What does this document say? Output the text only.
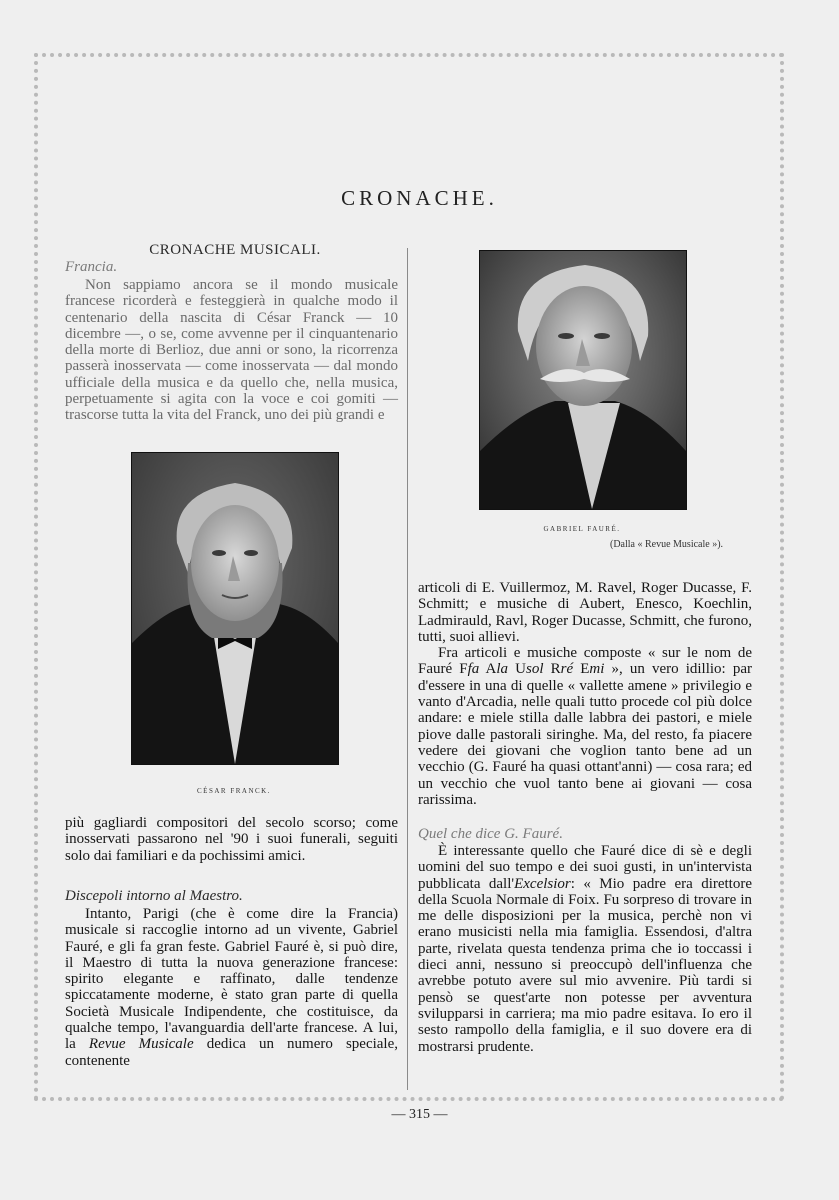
CRONACHE.
CRONACHE MUSICALI.
Francia.

Non sappiamo ancora se il mondo musicale francese ricorderà e festeggierà in qualche modo il centenario della nascita di César Franck — 10 dicembre —, o se, come avvenne per il cinquantenario della morte di Berlioz, due anni or sono, la ricorrenza passerà inosservata — come inosservata — dal mondo ufficiale della musica e da quello che, nella musica, perpetuamente si agita con la voce e coi gomiti — trascorse tutta la vita del Franck, uno dei più grandi e

CÉSAR FRANCK.

più gagliardi compositori del secolo scorso; come inosservati passarono nel '90 i suoi funerali, seguiti solo dai familiari e da pochissimi amici.

Discepoli intorno al Maestro.

Intanto, Parigi (che è come dire la Francia) musicale si raccoglie intorno ad un vivente, Gabriel Fauré, e gli fa gran feste. Gabriel Fauré è, si può dire, il Maestro di tutta la nuova generazione francese: spirito elegante e raffinato, dalle tendenze spiccatamente moderne, è stato gran parte di quella Società Musicale Indipendente, che costituisce, da qualche tempo, l'avanguardia dell'arte francese. A lui, la Revue Musicale dedica un numero speciale, contenente

GABRIEL FAURÉ.
(Dalla « Revue Musicale »).

articoli di E. Vuillermoz, M. Ravel, Roger Ducasse, F. Schmitt; e musiche di Aubert, Enesco, Koechlin, Ladmirauld, Ravl, Roger Ducasse, Schmitt, che furono, tutti, suoi allievi.

Fra articoli e musiche composte « sur le nom de Fauré Ffa Ala Usol Rré Emi », un vero idillio: par d'essere in una di quelle « vallette amene » privilegio e vanto d'Arcadia, nelle quali tutto procede col più dolce andare: e miele stilla dalle labbra dei pastori, e miele piove dalle pastorali siringhe. Ma, del resto, fa piacere vedere dei giovani che voglion tanto bene ad un vecchio (G. Fauré ha quasi ottant'anni) — cosa rara; ed un vecchio che vuol tanto bene ai giovani — cosa rarissima.

Quel che dice G. Fauré.

È interessante quello che Fauré dice di sè e degli uomini del suo tempo e dei suoi gusti, in un'intervista pubblicata dall'Excelsior: « Mio padre era direttore della Scuola Normale di Foix. Fu sorpreso di trovare in me delle disposizioni per la musica, perchè non vi erano musicisti nella mia famiglia. Essendosi, d'altra parte, rivelata questa tendenza prima che io toccassi i dieci anni, nessuno si preoccupò dell'influenza che avrebbe potuto avere sul mio avvenire. Più tardi si pensò se quest'arte non potesse per avventura svilupparsi in carriera; ma mio padre esitava. Io ero il sesto rampollo della famiglia, e il suo dovere era di mostrarsi prudente.

— 315 —
